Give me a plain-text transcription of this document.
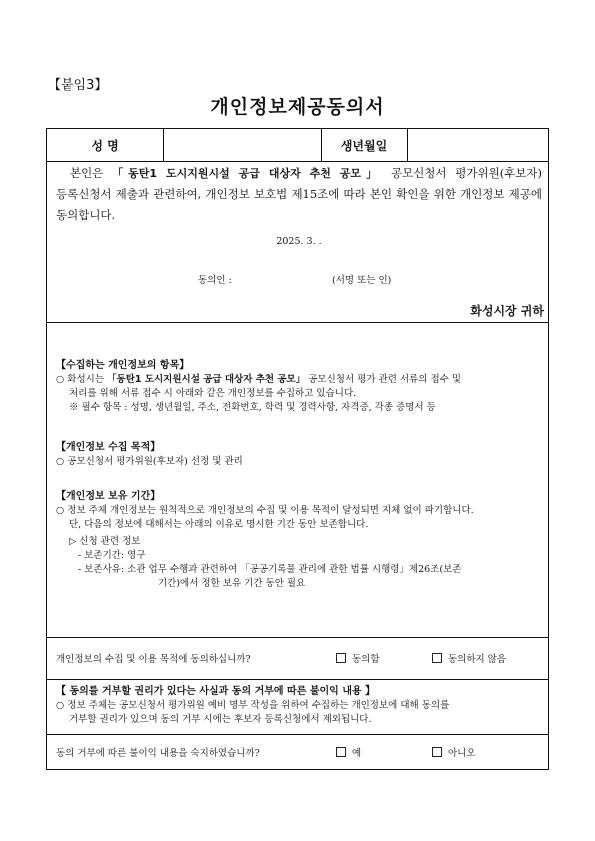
【붙임3】
개인정보제공동의서
성 명	생년월일
본인은 「동탄1 도시지원시설 공급 대상자 추천 공모」 공모신청서 평가위원(후보자) 등록신청서 제출과 관련하여, 개인정보 보호법 제15조에 따라 본인 확인을 위한 개인정보 제공에 동의합니다.
2025. 3. .
동의인 :	(서명 또는 인)
화성시장 귀하
【수집하는 개인정보의 항목】
○ 화성시는 「동탄1 도시지원시설 공급 대상자 추천 공모」 공모신청서 평가 관련 서류의 접수 및
처리를 위해 서류 접수 시 아래와 같은 개인정보를 수집하고 있습니다.
※ 필수 항목 : 성명, 생년월일, 주소, 전화번호, 학력 및 경력사항, 자격증, 각종 증명서 등
【개인정보 수집 목적】
○ 공모신청서 평가위원(후보자) 선정 및 관리
【개인정보 보유 기간】
○ 정보 주체 개인정보는 원칙적으로 개인정보의 수집 및 이용 목적이 달성되면 지체 없이 파기합니다.
단, 다음의 정보에 대해서는 아래의 이유로 명시한 기간 동안 보존합니다.
▷ 신청 관련 정보
- 보존기간: 영구
- 보존사유: 소관 업무 수행과 관련하여 「공공기록물 관리에 관한 법률 시행령」제26조(보존
기간)에서 정한 보유 기간 동안 필요
개인정보의 수집 및 이용 목적에 동의하십니까?	동의함	동의하지 않음
【 동의를 거부할 권리가 있다는 사실과 동의 거부에 따른 불이익 내용 】
○ 정보 주체는 공모신청서 평가위원 예비 명부 작성을 위하여 수집하는 개인정보에 대해 동의를
거부할 권리가 있으며 동의 거부 시에는 후보자 등록신청에서 제외됩니다.
동의 거부에 따른 불이익 내용을 숙지하였습니까?	예	아니오
